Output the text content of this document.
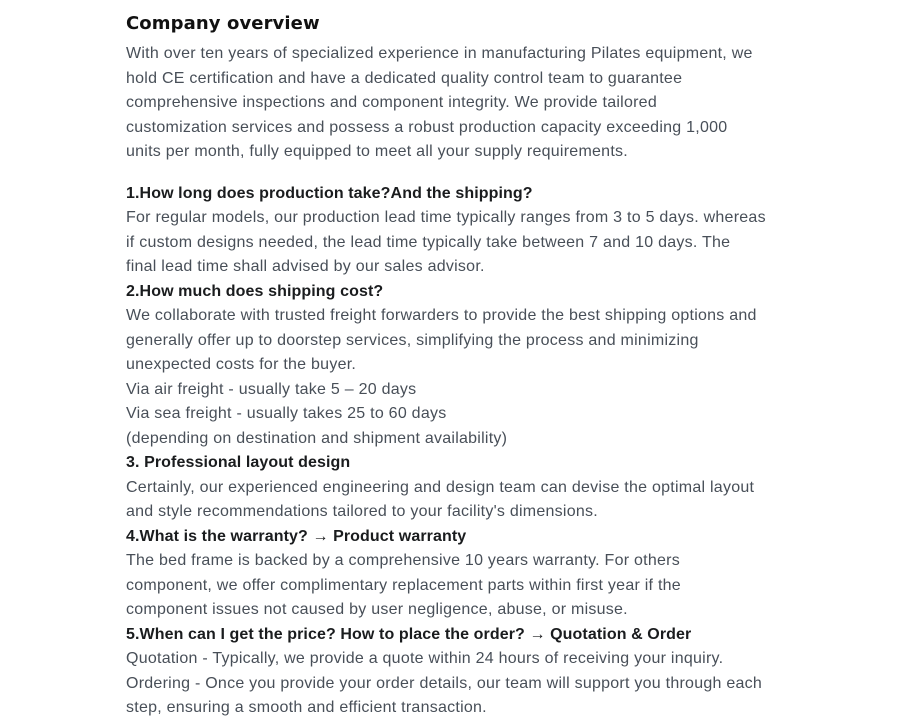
Company overview

With over ten years of specialized experience in manufacturing Pilates equipment, we

hold CE certification and have a dedicated quality control team to guarantee

comprehensive inspections and component integrity. We provide tailored

customization services and possess a robust production capacity exceeding 1,000

units per month, fully equipped to meet all your supply requirements.

1.How long does production take?And the shipping?

For regular models, our production lead time typically ranges from 3 to 5 days. whereas

if custom designs needed, the lead time typically take between 7 and 10 days. The

final lead time shall advised by our sales advisor.

2.How much does shipping cost?

We collaborate with trusted freight forwarders to provide the best shipping options and

generally offer up to doorstep services, simplifying the process and minimizing

unexpected costs for the buyer.

Via air freight - usually take 5 – 20 days

Via sea freight - usually takes 25 to 60 days

(depending on destination and shipment availability)

3. Professional layout design

Certainly, our experienced engineering and design team can devise the optimal layout

and style recommendations tailored to your facility's dimensions.

4.What is the warranty? → Product warranty

The bed frame is backed by a comprehensive 10 years warranty. For others

component, we offer complimentary replacement parts within first year if the

component issues not caused by user negligence, abuse, or misuse.

5.When can I get the price? How to place the order? → Quotation & Order

Quotation - Typically, we provide a quote within 24 hours of receiving your inquiry.

Ordering - Once you provide your order details, our team will support you through each

step, ensuring a smooth and efficient transaction.
